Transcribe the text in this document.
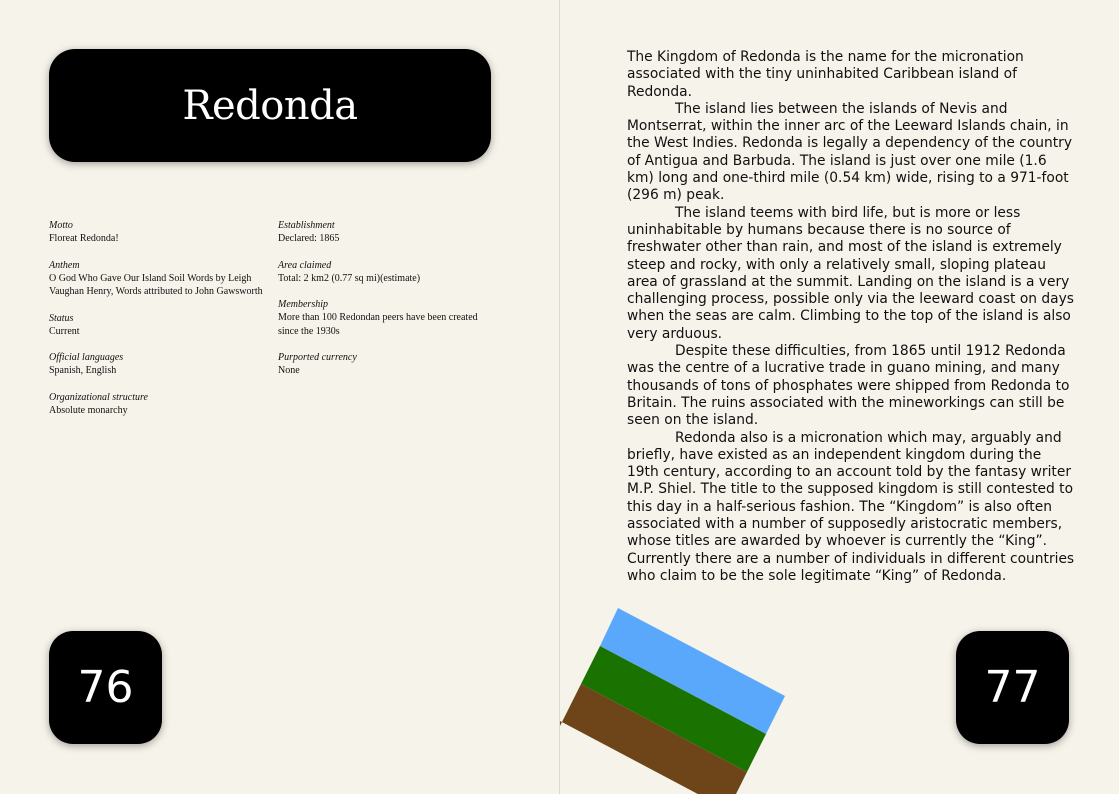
Redonda
Motto
Floreat Redonda!
Anthem
O God Who Gave Our Island Soil Words by Leigh Vaughan Henry, Words attributed to John Gawsworth
Status
Current
Official languages
Spanish, English
Organizational structure
Absolute monarchy
Establishment
Declared: 1865
Area claimed
Total: 2 km2 (0.77 sq mi)(estimate)
Membership
More than 100 Redondan peers have been created since the 1930s
Purported currency
None
76

The Kingdom of Redonda is the name for the micronation associated with the tiny uninhabited Caribbean island of Redonda.

The island lies between the islands of Nevis and Montserrat, within the inner arc of the Leeward Islands chain, in the West Indies. Redonda is legally a dependency of the country of Antigua and Barbuda. The island is just over one mile (1.6 km) long and one-third mile (0.54 km) wide, rising to a 971-foot (296 m) peak.

The island teems with bird life, but is more or less uninhabitable by humans because there is no source of freshwater other than rain, and most of the island is extremely steep and rocky, with only a relatively small, sloping plateau area of grassland at the summit. Landing on the island is a very challenging process, possible only via the leeward coast on days when the seas are calm. Climbing to the top of the island is also very arduous.

Despite these difficulties, from 1865 until 1912 Redonda was the centre of a lucrative trade in guano mining, and many thousands of tons of phosphates were shipped from Redonda to Britain. The ruins associated with the mineworkings can still be seen on the island.

Redonda also is a micronation which may, arguably and briefly, have existed as an independent kingdom during the 19th century, according to an account told by the fantasy writer M.P. Shiel. The title to the supposed kingdom is still contested to this day in a half-serious fashion. The “Kingdom” is also often associated with a number of supposedly aristocratic members, whose titles are awarded by whoever is currently the “King”. Currently there are a number of individuals in different countries who claim to be the sole legitimate “King” of Redonda.

77
